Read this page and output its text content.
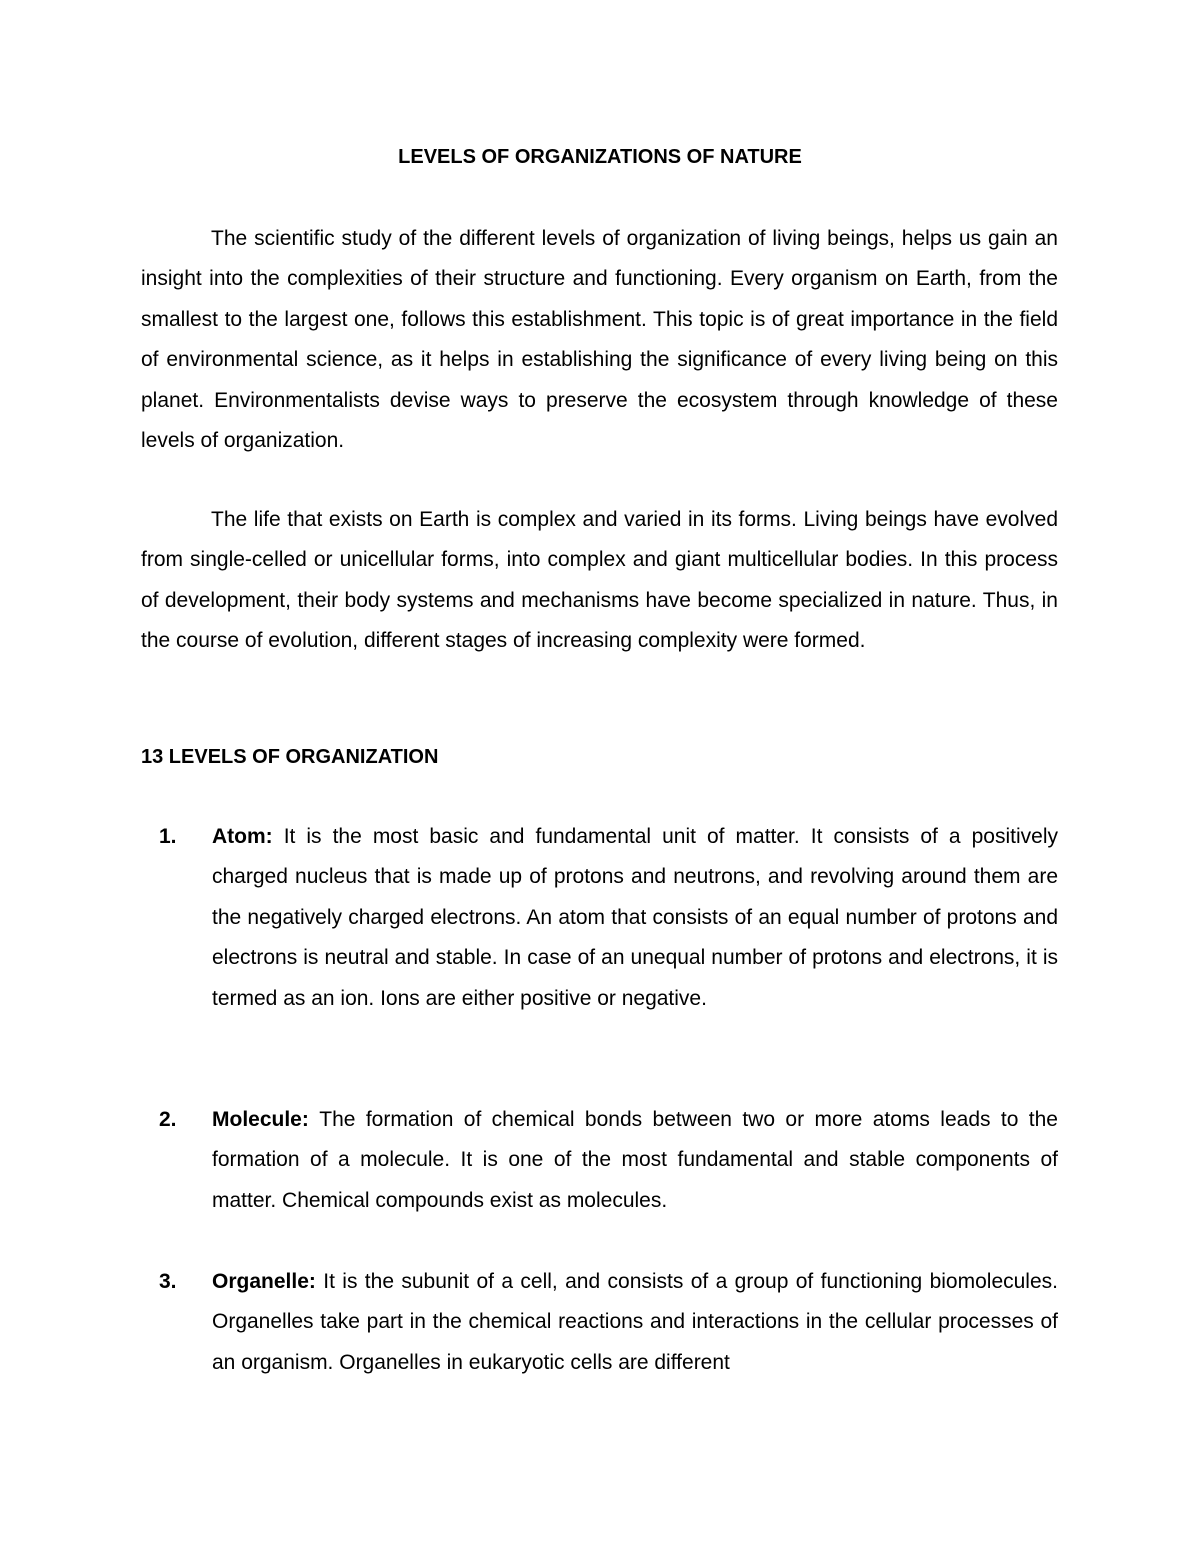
LEVELS OF ORGANIZATIONS OF NATURE

The scientific study of the different levels of organization of living beings, helps us gain an insight into the complexities of their structure and functioning. Every organism on Earth, from the smallest to the largest one, follows this establishment. This topic is of great importance in the field of environmental science, as it helps in establishing the significance of every living being on this planet. Environmentalists devise ways to preserve the ecosystem through knowledge of these levels of organization.

The life that exists on Earth is complex and varied in its forms. Living beings have evolved from single-celled or unicellular forms, into complex and giant multicellular bodies. In this process of development, their body systems and mechanisms have become specialized in nature. Thus, in the course of evolution, different stages of increasing complexity were formed.

13 LEVELS OF ORGANIZATION
1. Atom: It is the most basic and fundamental unit of matter. It consists of a positively charged nucleus that is made up of protons and neutrons, and revolving around them are the negatively charged electrons. An atom that consists of an equal number of protons and electrons is neutral and stable. In case of an unequal number of protons and electrons, it is termed as an ion. Ions are either positive or negative.
2. Molecule: The formation of chemical bonds between two or more atoms leads to the formation of a molecule. It is one of the most fundamental and stable components of matter. Chemical compounds exist as molecules.
3. Organelle: It is the subunit of a cell, and consists of a group of functioning biomolecules. Organelles take part in the chemical reactions and interactions in the cellular processes of an organism. Organelles in eukaryotic cells are different
